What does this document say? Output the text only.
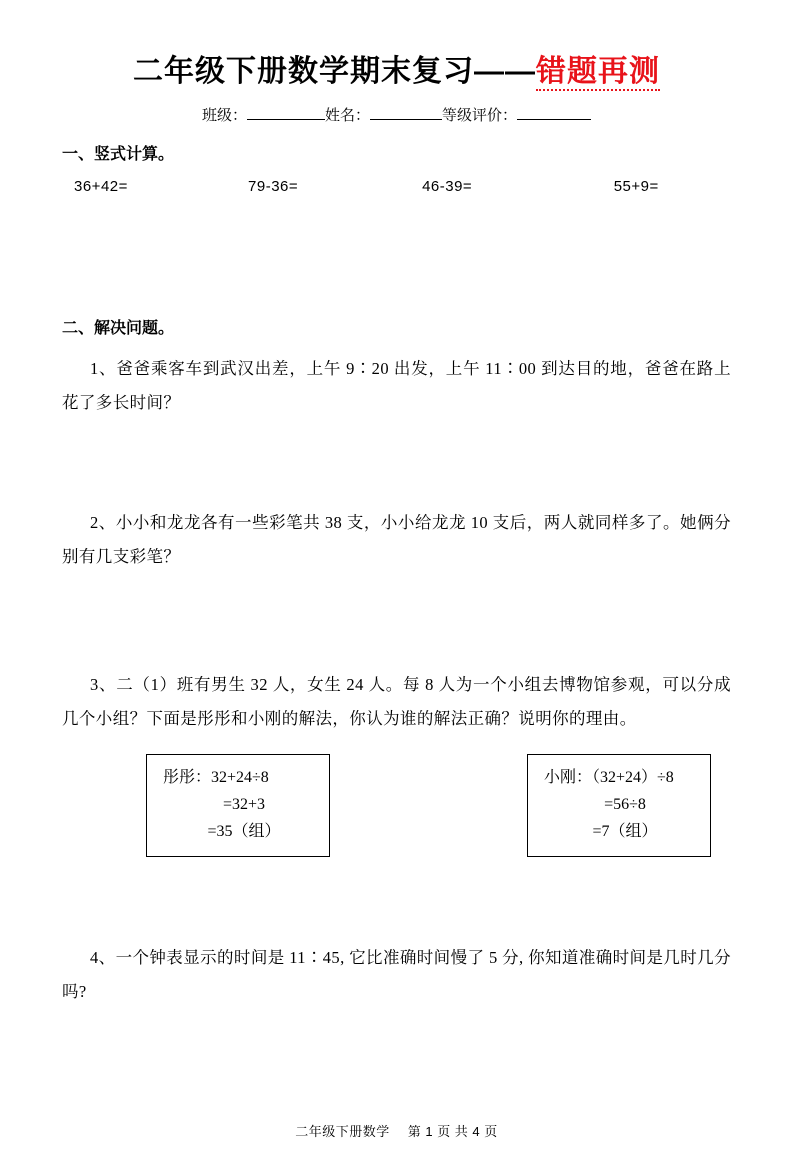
二年级下册数学期末复习——错题再测
班级：	姓名：	等级评价：
一、竖式计算。
36+42=	79-36=	46-39=	55+9=
二、解决问题。
1、爸爸乘客车到武汉出差，上午 9∶20 出发，上午 11∶00 到达目的地，爸爸在路上花了多长时间？
2、小小和龙龙各有一些彩笔共 38 支，小小给龙龙 10 支后，两人就同样多了。她俩分别有几支彩笔？
3、二（1）班有男生 32 人，女生 24 人。每 8 人为一个小组去博物馆参观，可以分成几个小组？下面是彤彤和小刚的解法，你认为谁的解法正确？说明你的理由。
彤彤：32+24÷8
=32+3
=35（组）
小刚：（32+24）÷8
=56÷8
=7（组）
4、一个钟表显示的时间是 11∶45, 它比准确时间慢了 5 分, 你知道准确时间是几时几分吗?
二年级下册数学 第 1 页 共 4 页
